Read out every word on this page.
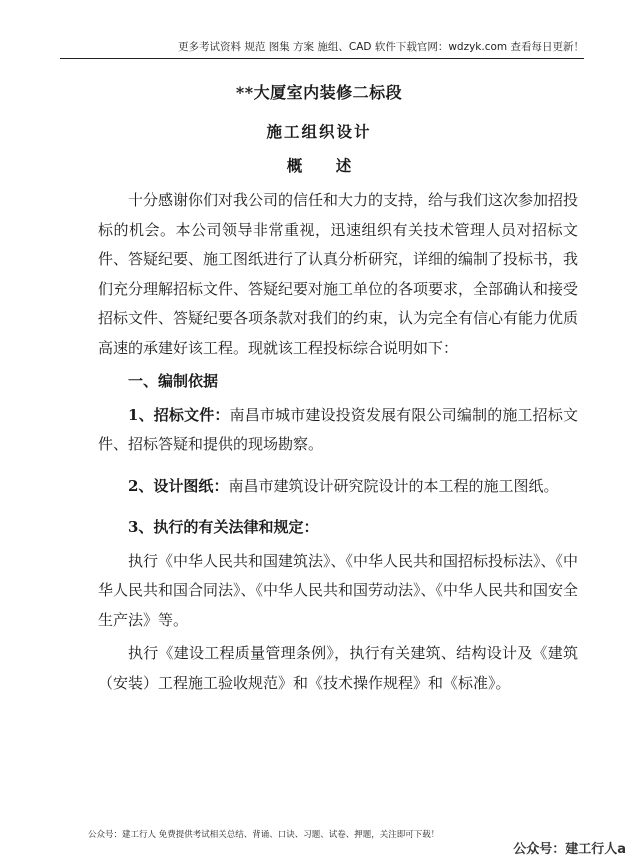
更多考试资料 规范 图集 方案 施组、CAD 软件下载官网：wdzyk.com 查看每日更新！
**大厦室内装修二标段
施工组织设计
概 述

十分感谢你们对我公司的信任和大力的支持，给与我们这次参加招投标的机会。本公司领导非常重视，迅速组织有关技术管理人员对招标文件、答疑纪要、施工图纸进行了认真分析研究，详细的编制了投标书，我们充分理解招标文件、答疑纪要对施工单位的各项要求，全部确认和接受招标文件、答疑纪要各项条款对我们的约束，认为完全有信心有能力优质高速的承建好该工程。现就该工程投标综合说明如下：

一、编制依据

1、招标文件：南昌市城市建设投资发展有限公司编制的施工招标文件、招标答疑和提供的现场勘察。

2、设计图纸：南昌市建筑设计研究院设计的本工程的施工图纸。

3、执行的有关法律和规定：

执行《中华人民共和国建筑法》、《中华人民共和国招标投标法》、《中华人民共和国合同法》、《中华人民共和国劳动法》、《中华人民共和国安全生产法》等。

执行《建设工程质量管理条例》，执行有关建筑、结构设计及《建筑（安装）工程施工验收规范》和《技术操作规程》和《标准》。

公众号：建工行人 免费提供考试相关总结、背诵、口诀、习题、试卷、押题，关注即可下载！
公众号：建工行人a
